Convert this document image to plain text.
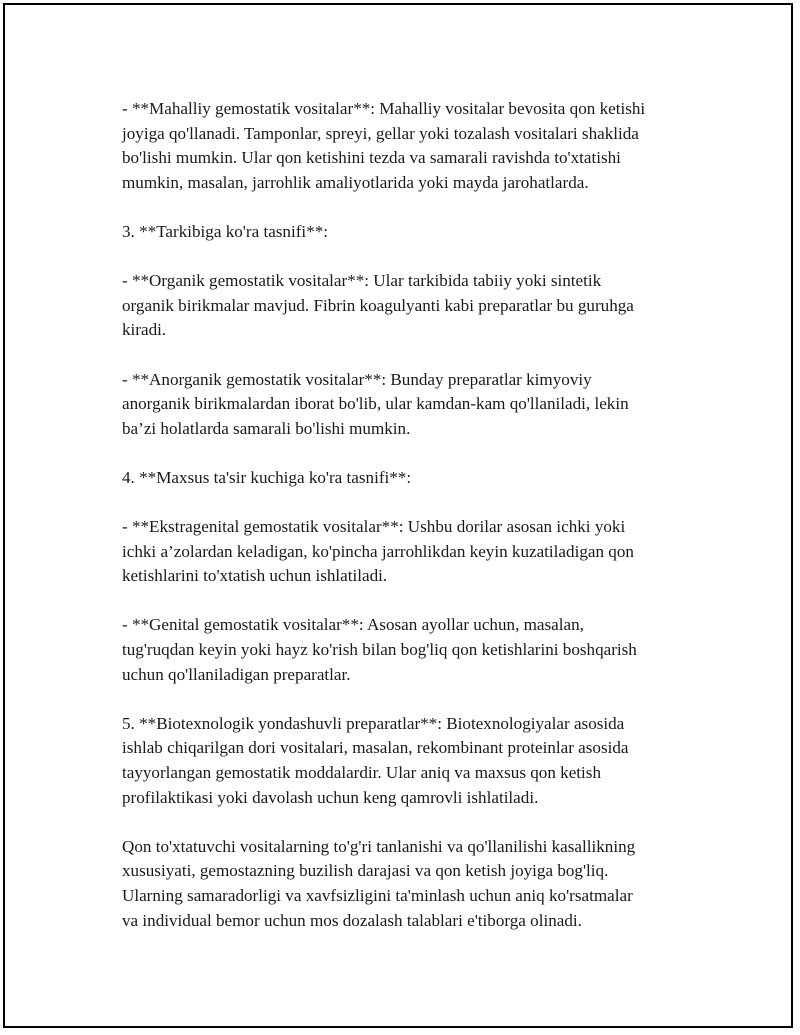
- **Mahalliy gemostatik vositalar**: Mahalliy vositalar bevosita qon ketishi
joyiga qo'llanadi. Tamponlar, spreyi, gellar yoki tozalash vositalari shaklida
bo'lishi mumkin. Ular qon ketishini tezda va samarali ravishda to'xtatishi
mumkin, masalan, jarrohlik amaliyotlarida yoki mayda jarohatlarda.

3. **Tarkibiga ko'ra tasnifi**:

- **Organik gemostatik vositalar**: Ular tarkibida tabiiy yoki sintetik
organik birikmalar mavjud. Fibrin koagulyanti kabi preparatlar bu guruhga
kiradi.

- **Anorganik gemostatik vositalar**: Bunday preparatlar kimyoviy
anorganik birikmalardan iborat bo'lib, ular kamdan-kam qo'llaniladi, lekin
ba’zi holatlarda samarali bo'lishi mumkin.

4. **Maxsus ta'sir kuchiga ko'ra tasnifi**:

- **Ekstragenital gemostatik vositalar**: Ushbu dorilar asosan ichki yoki
ichki a’zolardan keladigan, ko'pincha jarrohlikdan keyin kuzatiladigan qon
ketishlarini to'xtatish uchun ishlatiladi.

- **Genital gemostatik vositalar**: Asosan ayollar uchun, masalan,
tug'ruqdan keyin yoki hayz ko'rish bilan bog'liq qon ketishlarini boshqarish
uchun qo'llaniladigan preparatlar.

5. **Biotexnologik yondashuvli preparatlar**: Biotexnologiyalar asosida
ishlab chiqarilgan dori vositalari, masalan, rekombinant proteinlar asosida
tayyorlangan gemostatik moddalardir. Ular aniq va maxsus qon ketish
profilaktikasi yoki davolash uchun keng qamrovli ishlatiladi.

Qon to'xtatuvchi vositalarning to'g'ri tanlanishi va qo'llanilishi kasallikning
xususiyati, gemostazning buzilish darajasi va qon ketish joyiga bog'liq.
Ularning samaradorligi va xavfsizligini ta'minlash uchun aniq ko'rsatmalar
va individual bemor uchun mos dozalash talablari e'tiborga olinadi.
